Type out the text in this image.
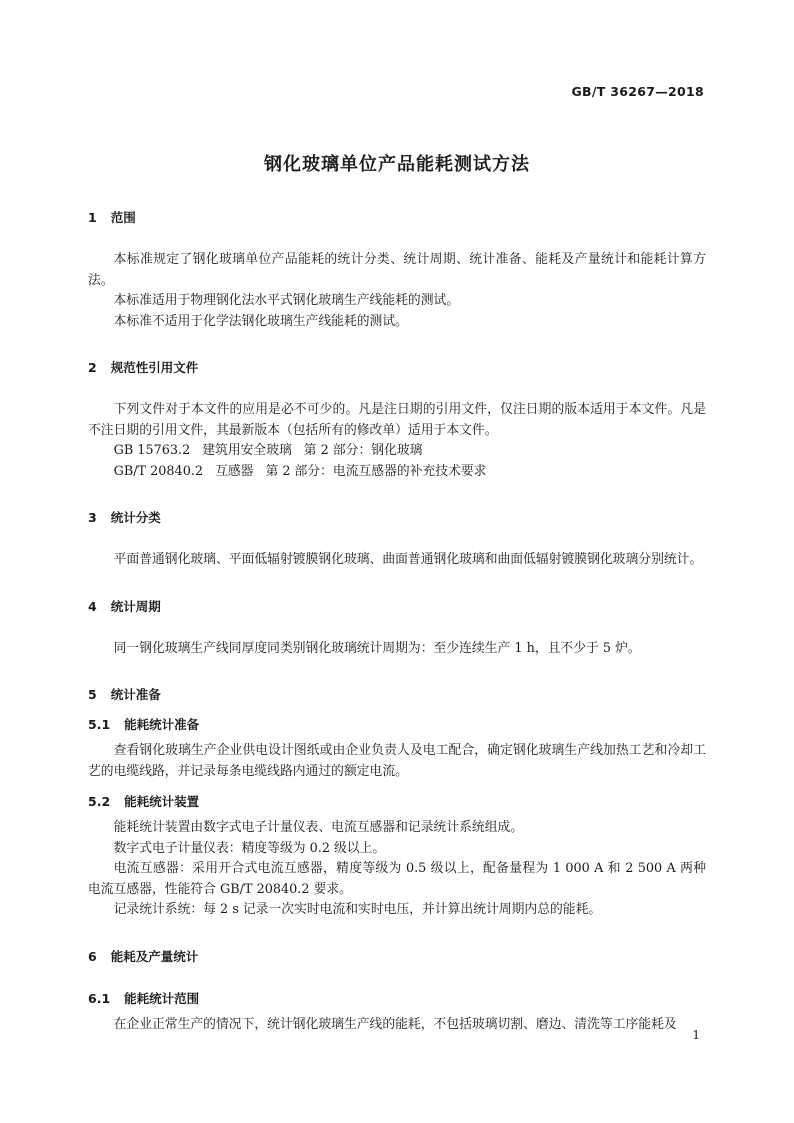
GB/T 36267—2018
钢化玻璃单位产品能耗测试方法
1 范围

本标准规定了钢化玻璃单位产品能耗的统计分类、统计周期、统计准备、能耗及产量统计和能耗计算方法。

本标准适用于物理钢化法水平式钢化玻璃生产线能耗的测试。

本标准不适用于化学法钢化玻璃生产线能耗的测试。

2 规范性引用文件

下列文件对于本文件的应用是必不可少的。凡是注日期的引用文件，仅注日期的版本适用于本文件。凡是不注日期的引用文件，其最新版本（包括所有的修改单）适用于本文件。

GB 15763.2 建筑用安全玻璃 第 2 部分：钢化玻璃

GB/T 20840.2 互感器 第 2 部分：电流互感器的补充技术要求

3 统计分类

平面普通钢化玻璃、平面低辐射镀膜钢化玻璃、曲面普通钢化玻璃和曲面低辐射镀膜钢化玻璃分别统计。

4 统计周期

同一钢化玻璃生产线同厚度同类别钢化玻璃统计周期为：至少连续生产 1 h，且不少于 5 炉。

5 统计准备
5.1 能耗统计准备

查看钢化玻璃生产企业供电设计图纸或由企业负责人及电工配合，确定钢化玻璃生产线加热工艺和冷却工艺的电缆线路，并记录每条电缆线路内通过的额定电流。

5.2 能耗统计装置

能耗统计装置由数字式电子计量仪表、电流互感器和记录统计系统组成。

数字式电子计量仪表：精度等级为 0.2 级以上。

电流互感器：采用开合式电流互感器，精度等级为 0.5 级以上，配备量程为 1 000 A 和 2 500 A 两种电流互感器，性能符合 GB/T 20840.2 要求。

记录统计系统：每 2 s 记录一次实时电流和实时电压，并计算出统计周期内总的能耗。

6 能耗及产量统计
6.1 能耗统计范围

在企业正常生产的情况下，统计钢化玻璃生产线的能耗，不包括玻璃切割、磨边、清洗等工序能耗及

1
